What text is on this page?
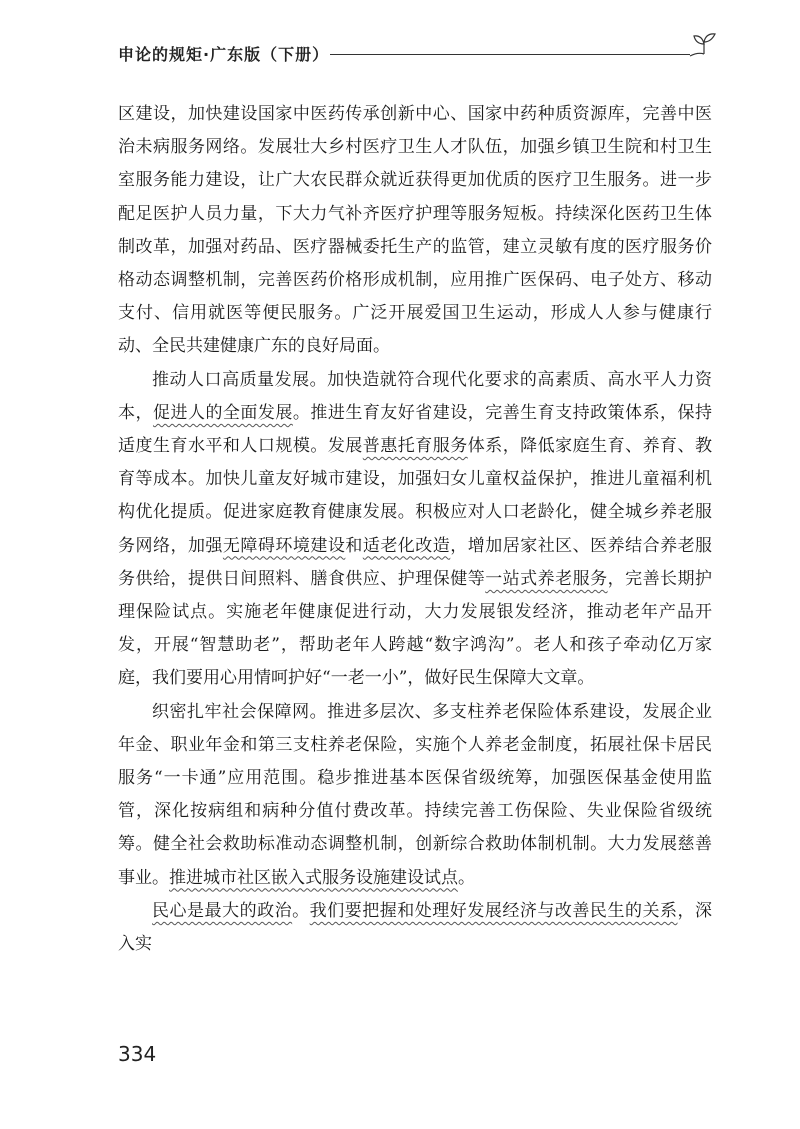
申论的规矩·广东版（下册）

区建设，加快建设国家中医药传承创新中心、国家中药种质资源库，完善中医治未病服务网络。发展壮大乡村医疗卫生人才队伍，加强乡镇卫生院和村卫生室服务能力建设，让广大农民群众就近获得更加优质的医疗卫生服务。进一步配足医护人员力量，下大力气补齐医疗护理等服务短板。持续深化医药卫生体制改革，加强对药品、医疗器械委托生产的监管，建立灵敏有度的医疗服务价格动态调整机制，完善医药价格形成机制，应用推广医保码、电子处方、移动支付、信用就医等便民服务。广泛开展爱国卫生运动，形成人人参与健康行动、全民共建健康广东的良好局面。

推动人口高质量发展。加快造就符合现代化要求的高素质、高水平人力资本，促进人的全面发展。推进生育友好省建设，完善生育支持政策体系，保持适度生育水平和人口规模。发展普惠托育服务体系，降低家庭生育、养育、教育等成本。加快儿童友好城市建设，加强妇女儿童权益保护，推进儿童福利机构优化提质。促进家庭教育健康发展。积极应对人口老龄化，健全城乡养老服务网络，加强无障碍环境建设和适老化改造，增加居家社区、医养结合养老服务供给，提供日间照料、膳食供应、护理保健等一站式养老服务，完善长期护理保险试点。实施老年健康促进行动，大力发展银发经济，推动老年产品开发，开展“智慧助老”，帮助老年人跨越“数字鸿沟”。老人和孩子牵动亿万家庭，我们要用心用情呵护好“一老一小”，做好民生保障大文章。

织密扎牢社会保障网。推进多层次、多支柱养老保险体系建设，发展企业年金、职业年金和第三支柱养老保险，实施个人养老金制度，拓展社保卡居民服务“一卡通”应用范围。稳步推进基本医保省级统筹，加强医保基金使用监管，深化按病组和病种分值付费改革。持续完善工伤保险、失业保险省级统筹。健全社会救助标准动态调整机制，创新综合救助体制机制。大力发展慈善事业。推进城市社区嵌入式服务设施建设试点。

民心是最大的政治。我们要把握和处理好发展经济与改善民生的关系，深入实

334
